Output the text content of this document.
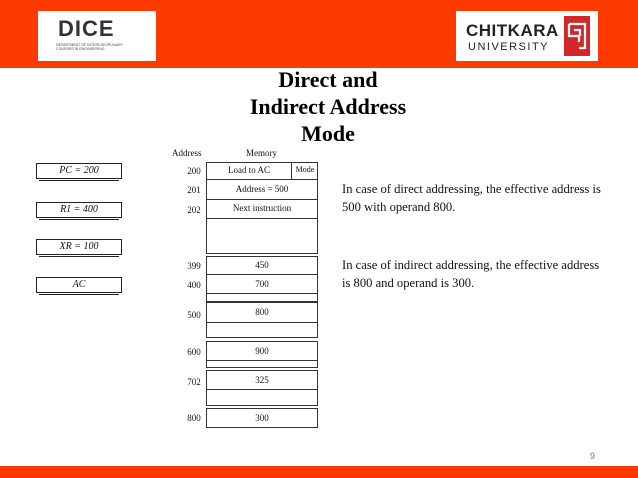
DICE
DEPARTMENT OF INTERDISCIPLINARY COURSES IN ENGINEERING
CHITKARA
UNIVERSITY
Direct and
Indirect Address
Mode
PC = 200
R1 = 400
XR = 100
AC
Address	Memory
200	Load to AC	Mode
201	Address = 500
202	Next instruction
399	450
400	700
500	800
600	900
702	325
800	300
In case of direct addressing, the effective address is 500 with operand 800.
In case of indirect addressing, the effective address is 800 and operand is 300.
9
